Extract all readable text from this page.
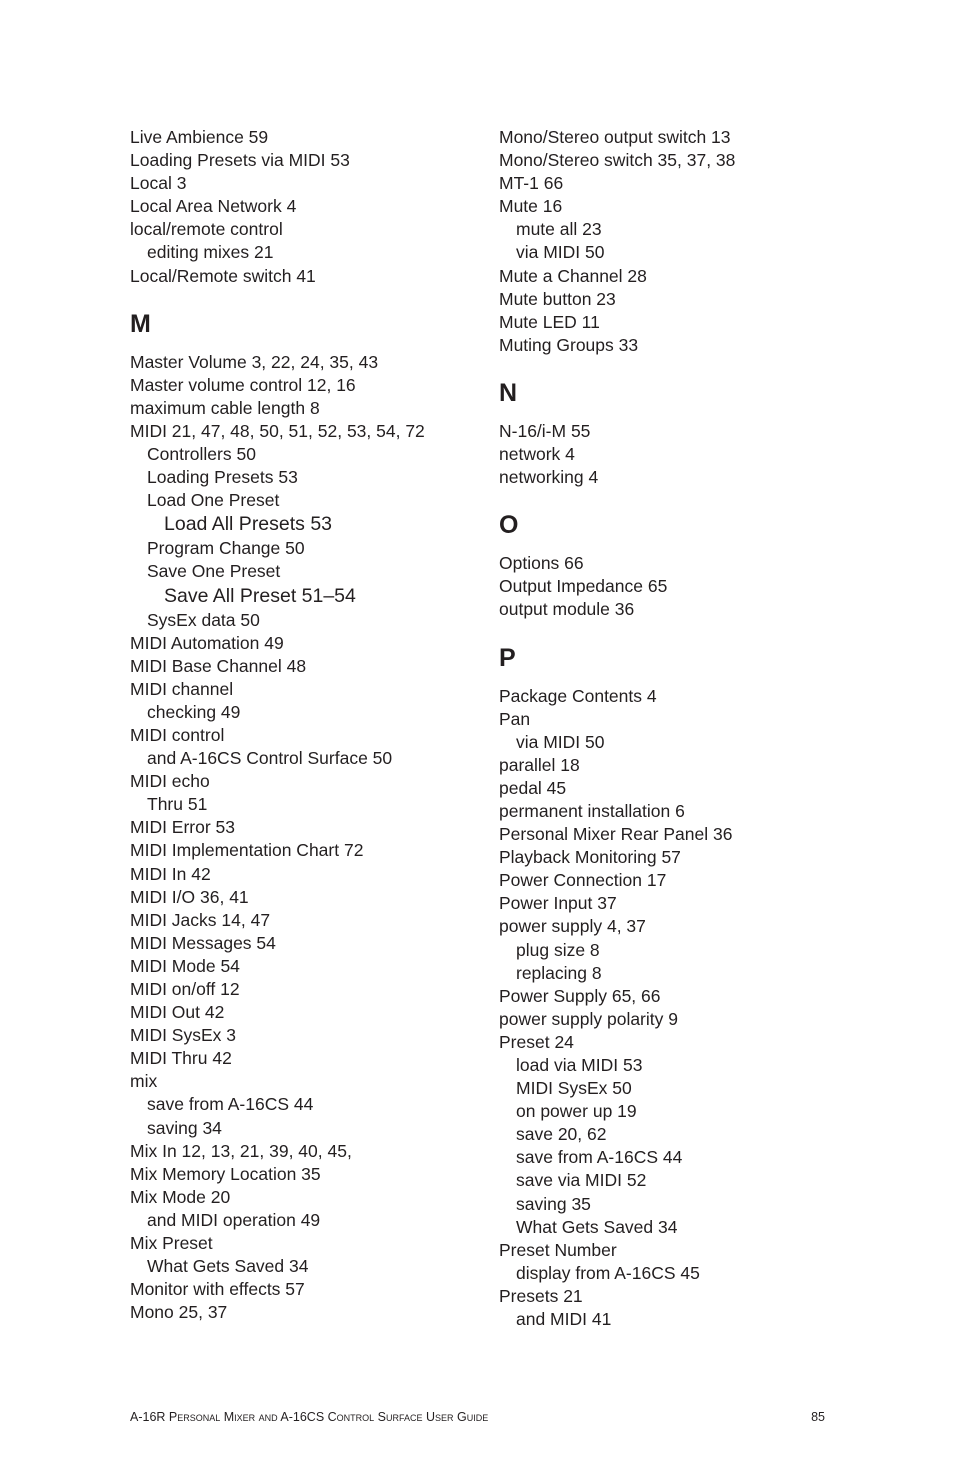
Live Ambience 59
Loading Presets via MIDI 53
Local 3
Local Area Network 4
local/remote control
editing mixes 21
Local/Remote switch 41
M
Master Volume 3, 22, 24, 35, 43
Master volume control 12, 16
maximum cable length 8
MIDI 21, 47, 48, 50, 51, 52, 53, 54, 72
Controllers 50
Loading Presets 53
Load One Preset
Load All Presets 53
Program Change 50
Save One Preset
Save All Preset 51–54
SysEx data 50
MIDI Automation 49
MIDI Base Channel 48
MIDI channel
checking 49
MIDI control
and A-16CS Control Surface 50
MIDI echo
Thru 51
MIDI Error 53
MIDI Implementation Chart 72
MIDI In 42
MIDI I/O 36, 41
MIDI Jacks 14, 47
MIDI Messages 54
MIDI Mode 54
MIDI on/off 12
MIDI Out 42
MIDI SysEx 3
MIDI Thru 42
mix
save from A-16CS 44
saving 34
Mix In 12, 13, 21, 39, 40, 45,
Mix Memory Location 35
Mix Mode 20
and MIDI operation 49
Mix Preset
What Gets Saved 34
Monitor with effects 57
Mono 25, 37
Mono/Stereo output switch 13
Mono/Stereo switch 35, 37, 38
MT-1 66
Mute 16
mute all 23
via MIDI 50
Mute a Channel 28
Mute button 23
Mute LED 11
Muting Groups 33
N
N-16/i-M 55
network 4
networking 4
O
Options 66
Output Impedance 65
output module 36
P
Package Contents 4
Pan
via MIDI 50
parallel 18
pedal 45
permanent installation 6
Personal Mixer Rear Panel 36
Playback Monitoring 57
Power Connection 17
Power Input 37
power supply 4, 37
plug size 8
replacing 8
Power Supply 65, 66
power supply polarity 9
Preset 24
load via MIDI 53
MIDI SysEx 50
on power up 19
save 20, 62
save from A-16CS 44
save via MIDI 52
saving 35
What Gets Saved 34
Preset Number
display from A-16CS 45
Presets 21
and MIDI 41
A-16R Personal Mixer and A-16CS Control Surface User Guide	85
